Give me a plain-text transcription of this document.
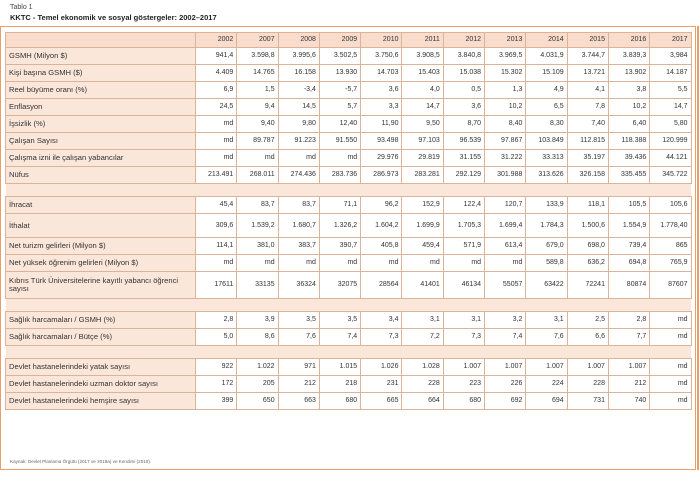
Tablo 1
KKTC - Temel ekonomik ve sosyal göstergeler: 2002–2017
	2002	2007	2008	2009	2010	2011	2012	2013	2014	2015	2016	2017
GSMH (Milyon $)	941,4	3.598,8	3.995,6	3.502,5	3.750,6	3.908,5	3.840,8	3.969,5	4.031,9	3.744,7	3.839,3	3,984
Kişi başına GSMH ($)	4.409	14.765	16.158	13.930	14.703	15.403	15.038	15.302	15.109	13.721	13.902	14.187
Reel büyüme oranı (%)	6,9	1,5	-3,4	-5,7	3,6	4,0	0,5	1,3	4,9	4,1	3,8	5,5
Enflasyon	24,5	9,4	14,5	5,7	3,3	14,7	3,6	10,2	6,5	7,8	10,2	14,7
İşsizlik (%)	md	9,40	9,80	12,40	11,90	9,50	8,70	8,40	8,30	7,40	6,40	5,80
Çalışan Sayısı	md	89.787	91.223	91.550	93.498	97.103	96.539	97.867	103.849	112.815	118.388	120.999
Çalışma izni ile çalışan yabancılar	md	md	md	md	29.976	29.819	31.155	31.222	33.313	35.197	39.436	44.121
Nüfus	213.491	268.011	274.436	283.736	286.973	283.281	292.129	301.988	313.626	326.158	335.455	345.722

İhracat	45,4	83,7	83,7	71,1	96,2	152,9	122,4	120,7	133,9	118,1	105,5	105,6
İthalat	309,6	1.539,2	1.680,7	1.326,2	1.604,2	1.699,9	1.705,3	1.699,4	1.784,3	1.500,6	1.554,9	1.778,40
Net turizm gelirleri (Milyon $)	114,1	381,0	383,7	390,7	405,8	459,4	571,9	613,4	679,0	698,0	739,4	865
Net yüksek öğrenim gelirleri (Milyon $)	md	md	md	md	md	md	md	md	589,8	636,2	694,8	765,9
Kıbrıs Türk Üniversitelerine kayıtlı yabancı öğrenci sayısı	17611	33135	36324	32075	28564	41401	46134	55057	63422	72241	80874	87607

Sağlık harcamaları / GSMH (%)	2,8	3,9	3,5	3,5	3,4	3,1	3,1	3,2	3,1	2,5	2,8	md
Sağlık harcamaları / Bütçe (%)	5,0	8,6	7,6	7,4	7,3	7,2	7,3	7,4	7,6	6,6	7,7	md

Devlet hastanelerindeki yatak sayısı	922	1.022	971	1.015	1.026	1.028	1.007	1.007	1.007	1.007	1.007	md
Devlet hastanelerindeki uzman doktor sayısı	172	205	212	218	231	228	223	226	224	228	212	md
Devlet hastanelerindeki hemşire sayısı	399	650	663	680	665	664	680	692	694	731	740	md
Kaynak: Devlet Planlama Örgütü (2017 ve 2018a) ve Kendimi (2018).
